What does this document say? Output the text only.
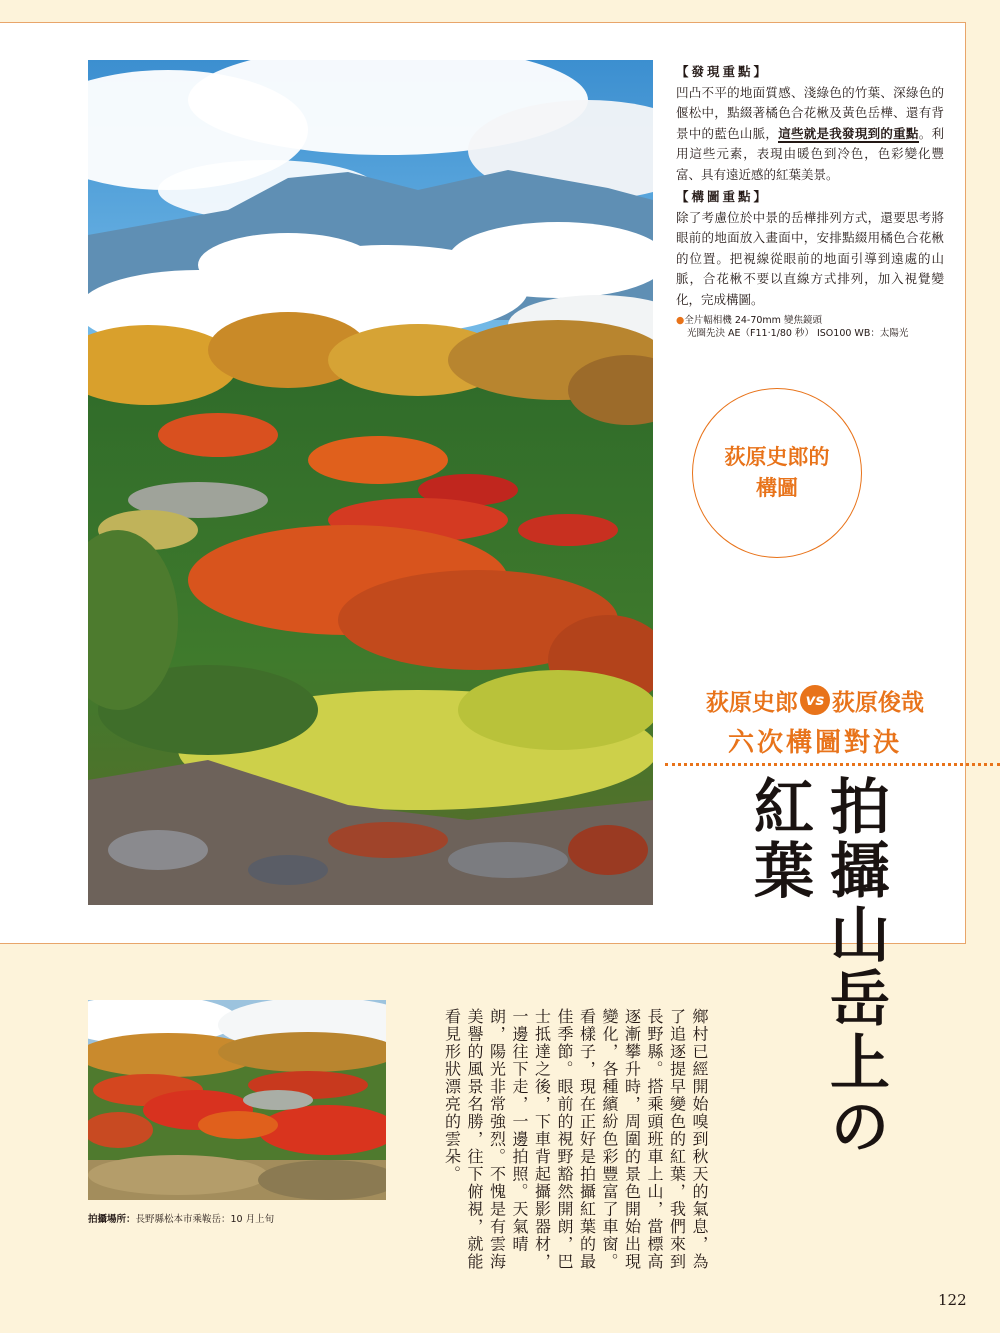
【發現重點】

凹凸不平的地面質感、淺綠色的竹葉、深綠色的偃松中，點綴著橘色合花楸及黃色岳樺、還有背景中的藍色山脈，這些就是我發現到的重點。利用這些元素，表現由暖色到冷色，色彩變化豐富、具有遠近感的紅葉美景。

【構圖重點】

除了考慮位於中景的岳樺排列方式，還要思考將眼前的地面放入畫面中，安排點綴用橘色合花楸的位置。把視線從眼前的地面引導到遠處的山脈，合花楸不要以直線方式排列，加入視覺變化，完成構圖。

●全片幅相機 24-70mm 變焦鏡頭
光圈先決 AE（F11·1/80 秒） ISO100 WB：太陽光
荻原史郎的
構圖
荻原史郎 vs 荻原俊哉
六次構圖對決
拍攝山岳上の
紅葉
鄉村已經開始嗅到秋天的氣息，為了追逐提早變色的紅葉，我們來到長野縣。搭乘頭班車上山，當標高逐漸攀升時，周圍的景色開始出現變化，各種繽紛色彩豐富了車窗。看樣子，現在正好是拍攝紅葉的最佳季節。眼前的視野豁然開朗，巴士抵達之後，下車背起攝影器材，一邊往下走，一邊拍照。天氣晴朗，陽光非常強烈。不愧是有雲海美譽的風景名勝，往下俯視，就能看見形狀漂亮的雲朵。
拍攝場所：長野縣松本市乘鞍岳：10 月上旬
122
